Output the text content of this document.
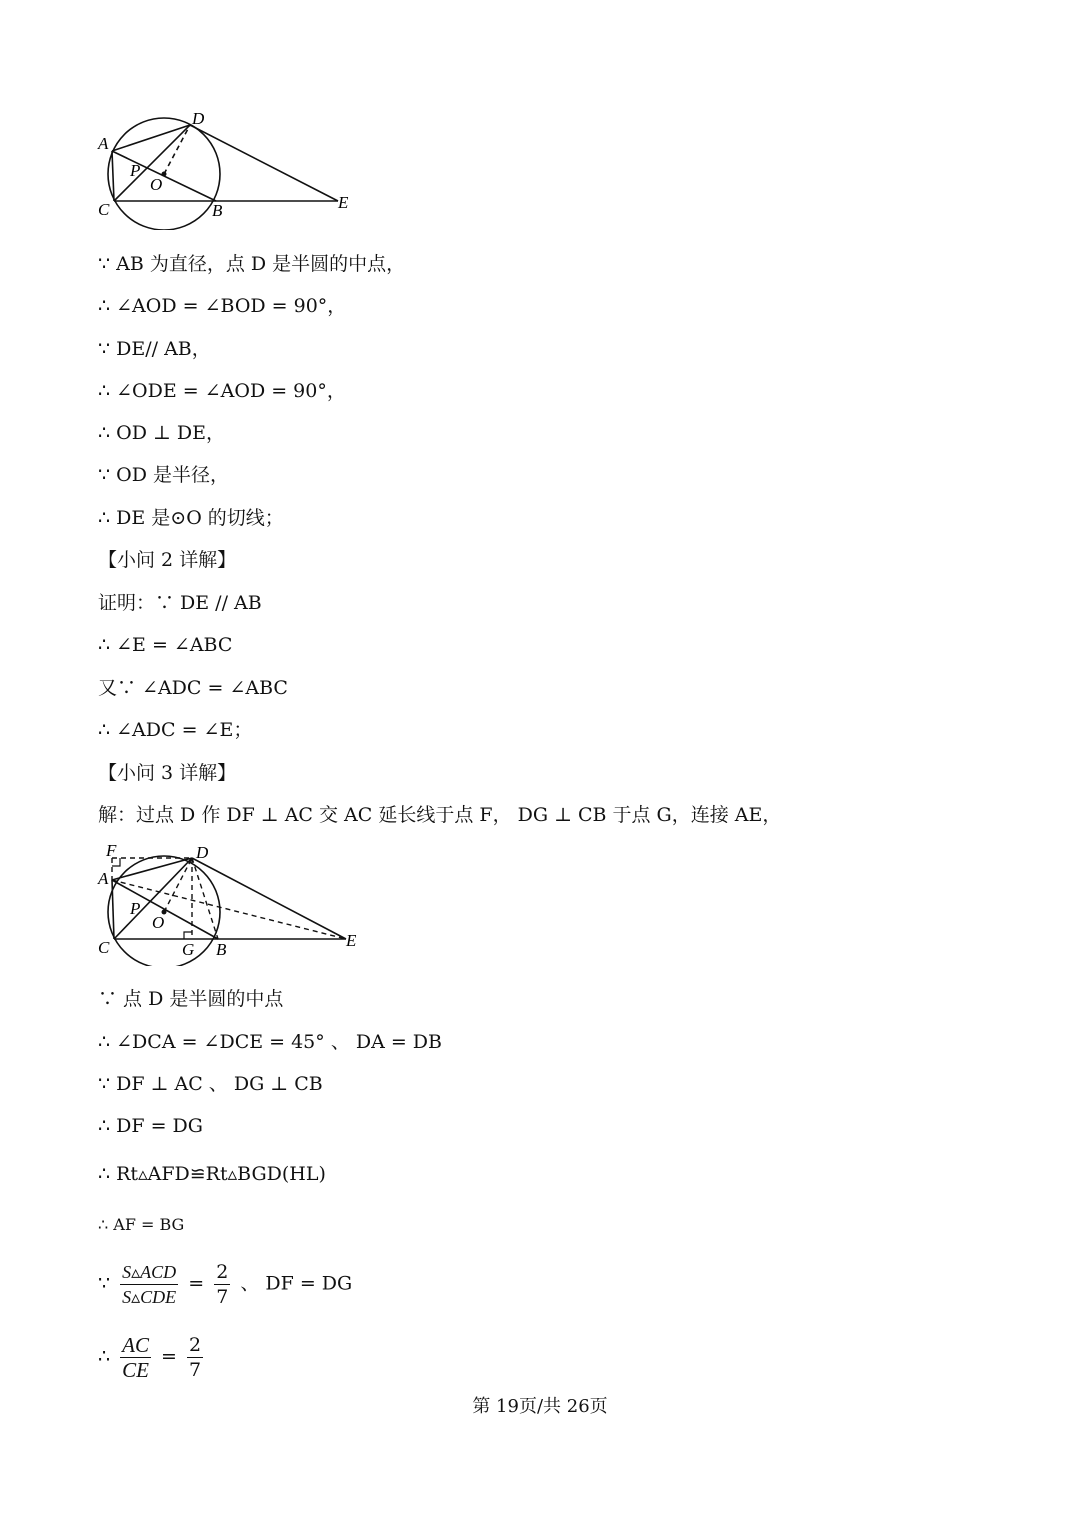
A
D
P
O
C	B	E
∵ AB 为直径，点 D 是半圆的中点，
∴ ∠AOD = ∠BOD = 90°，
∵ DE// AB，
∴ ∠ODE = ∠AOD = 90°，
∴ OD ⊥ DE，
∵ OD 是半径，
∴ DE 是⊙O 的切线；
【小问 2 详解】
证明：∵ DE // AB
∴ ∠E = ∠ABC
又∵ ∠ADC = ∠ABC
∴ ∠ADC = ∠E；
【小问 3 详解】
解：过点 D 作 DF ⊥ AC 交 AC 延长线于点 F， DG ⊥ CB 于点 G，连接 AE，
F	D
A
P
O
C	G B	E
∵ 点 D 是半圆的中点
∴ ∠DCA = ∠DCE = 45° 、 DA = DB
∵ DF ⊥ AC 、 DG ⊥ CB
∴ DF = DG
∴ Rt▵AFD≌Rt▵BGD(HL)
∴ AF = BG
∵ $\frac{\text{S▵ACD}}{\text{S▵CDE}} = \frac{2}{7}$ 、 DF = DG
∴ $\frac{AC}{CE} = \frac{2}{7}$
第 19页/共 26页
